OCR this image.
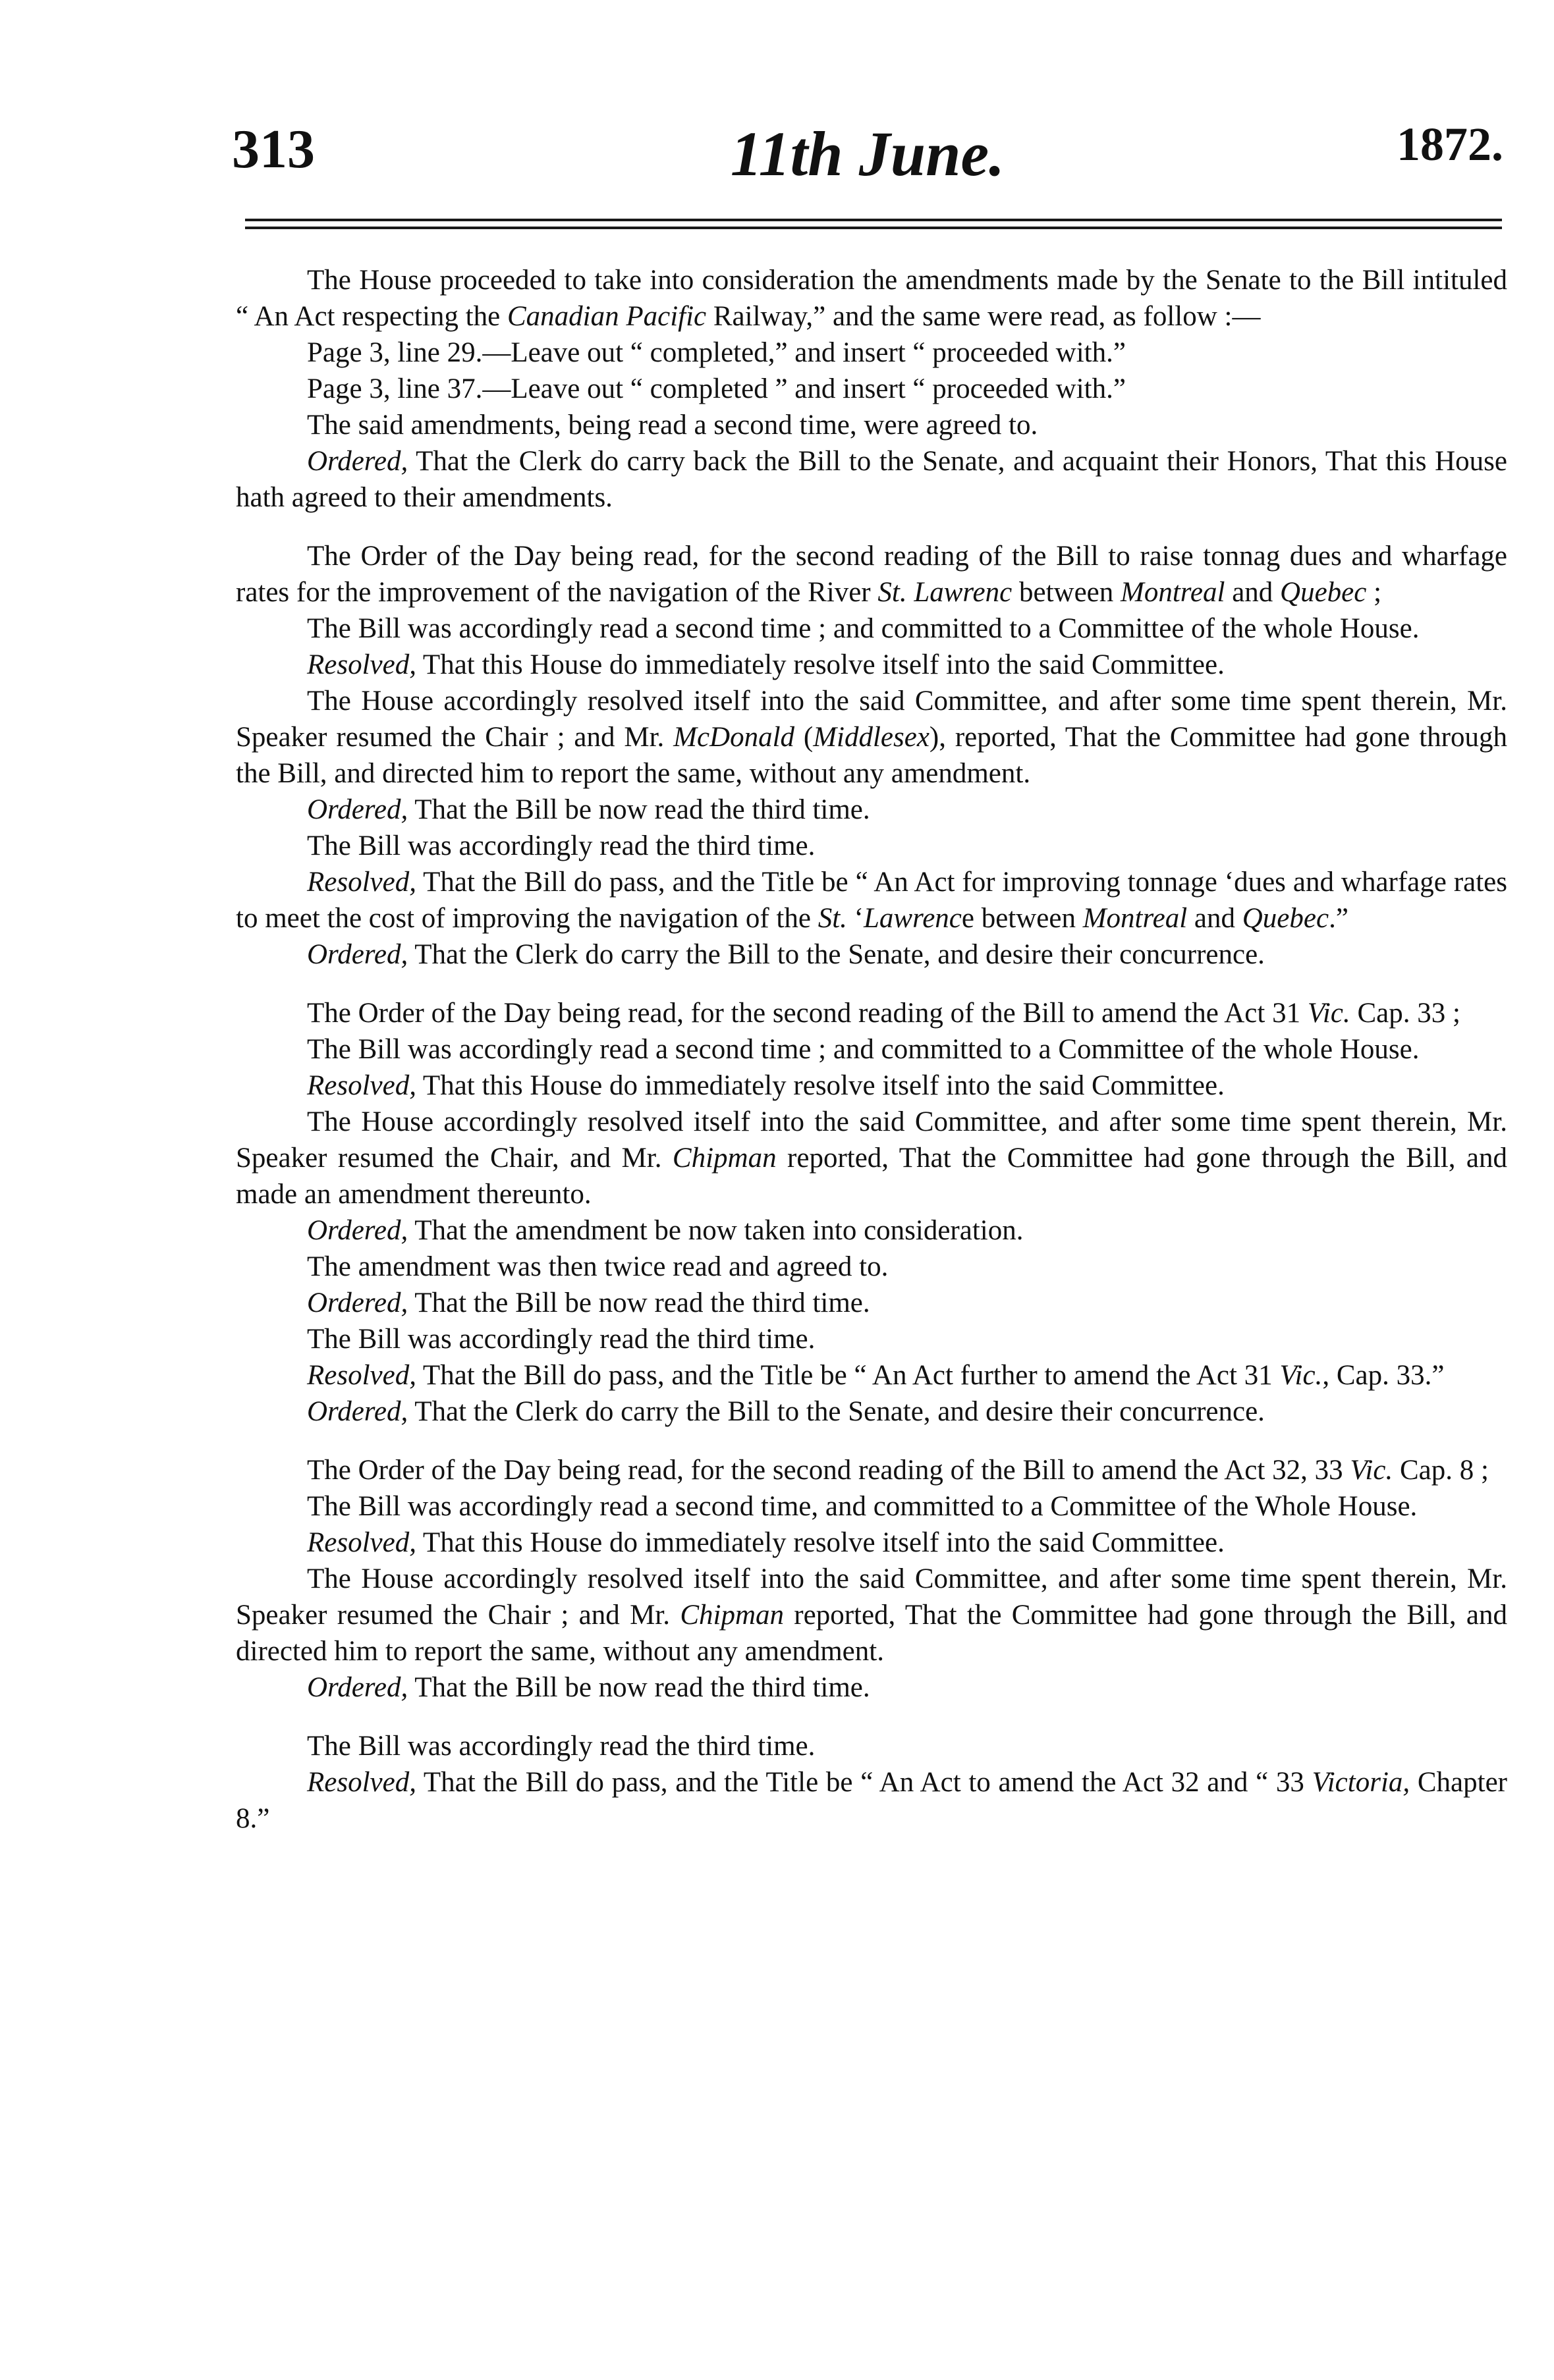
313	11th June.	1872.

The House proceeded to take into consideration the amendments made by the Senate to the Bill intituled “ An Act respecting the Canadian Pacific Railway,” and the same were read, as follow :—

Page 3, line 29.—Leave out “ completed,” and insert “ proceeded with.”

Page 3, line 37.—Leave out “ completed ” and insert “ proceeded with.”

The said amendments, being read a second time, were agreed to.

Ordered, That the Clerk do carry back the Bill to the Senate, and acquaint their Honors, That this House hath agreed to their amendments.

The Order of the Day being read, for the second reading of the Bill to raise tonnag dues and wharfage rates for the improvement of the navigation of the River St. Lawrenc between Montreal and Quebec ;

The Bill was accordingly read a second time ; and committed to a Committee of the whole House.

Resolved, That this House do immediately resolve itself into the said Committee.

The House accordingly resolved itself into the said Committee, and after some time spent therein, Mr. Speaker resumed the Chair ; and Mr. McDonald (Middlesex), reported, That the Committee had gone through the Bill, and directed him to report the same, without any amendment.

Ordered, That the Bill be now read the third time.

The Bill was accordingly read the third time.

Resolved, That the Bill do pass, and the Title be “ An Act for improving tonnage ‘dues and wharfage rates to meet the cost of improving the navigation of the St. ‘Lawrence between Montreal and Quebec.”

Ordered, That the Clerk do carry the Bill to the Senate, and desire their concurrence.

The Order of the Day being read, for the second reading of the Bill to amend the Act 31 Vic. Cap. 33 ;

The Bill was accordingly read a second time ; and committed to a Committee of the whole House.

Resolved, That this House do immediately resolve itself into the said Committee.

The House accordingly resolved itself into the said Committee, and after some time spent therein, Mr. Speaker resumed the Chair, and Mr. Chipman reported, That the Committee had gone through the Bill, and made an amendment thereunto.

Ordered, That the amendment be now taken into consideration.

The amendment was then twice read and agreed to.

Ordered, That the Bill be now read the third time.

The Bill was accordingly read the third time.

Resolved, That the Bill do pass, and the Title be “ An Act further to amend the Act 31 Vic., Cap. 33.”

Ordered, That the Clerk do carry the Bill to the Senate, and desire their concurrence.

The Order of the Day being read, for the second reading of the Bill to amend the Act 32, 33 Vic. Cap. 8 ;

The Bill was accordingly read a second time, and committed to a Committee of the Whole House.

Resolved, That this House do immediately resolve itself into the said Committee.

The House accordingly resolved itself into the said Committee, and after some time spent therein, Mr. Speaker resumed the Chair ; and Mr. Chipman reported, That the Committee had gone through the Bill, and directed him to report the same, without any amendment.

Ordered, That the Bill be now read the third time.

The Bill was accordingly read the third time.

Resolved, That the Bill do pass, and the Title be “ An Act to amend the Act 32 and “ 33 Victoria, Chapter 8.”
